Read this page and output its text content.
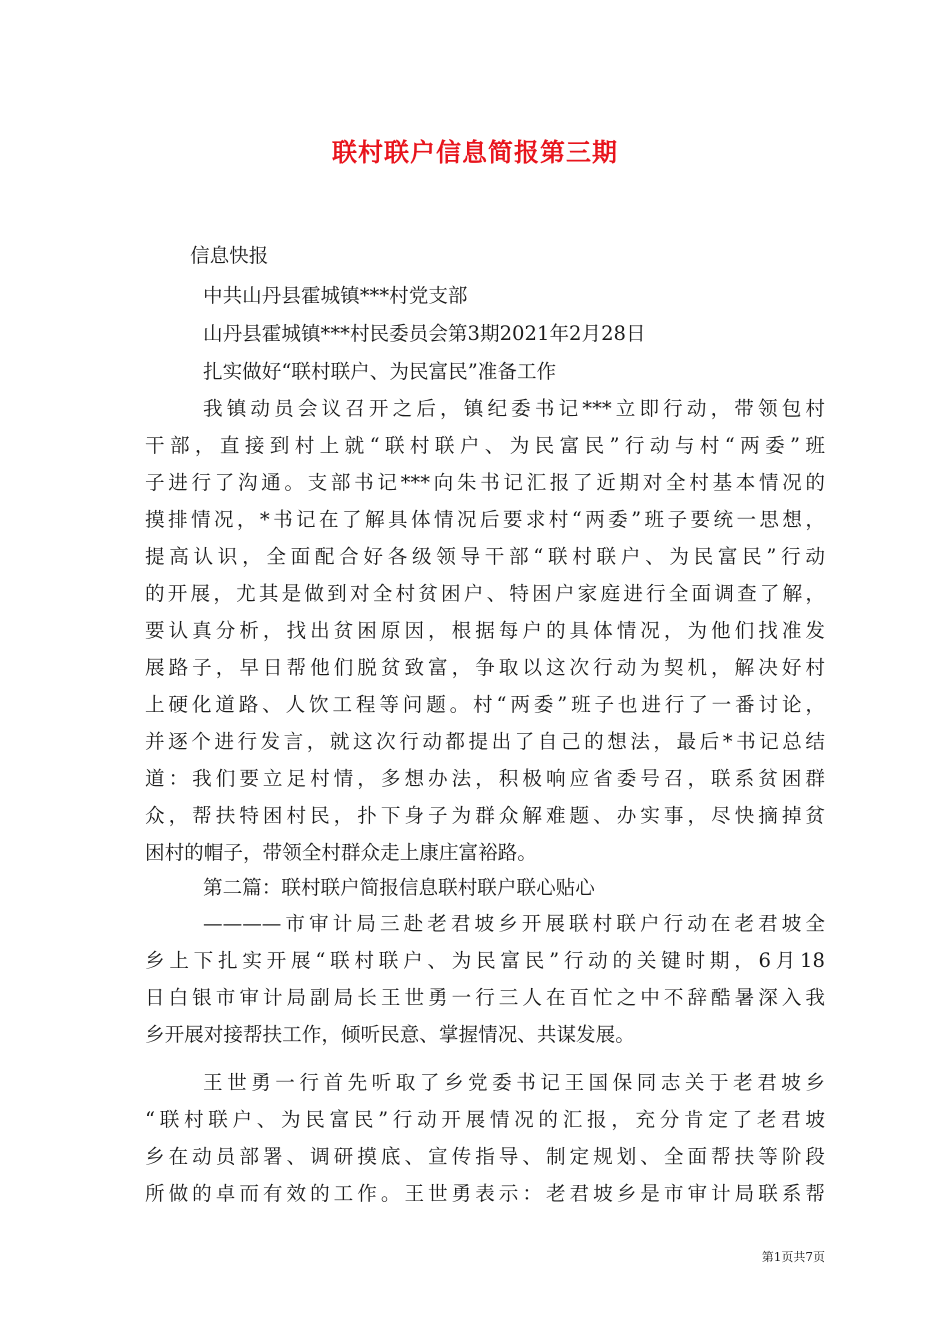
联村联户信息简报第三期
信息快报
中共山丹县霍城镇***村党支部
山丹县霍城镇***村民委员会第3期2021年2月28日
扎实做好“联村联户、为民富民”准备工作
我镇动员会议召开之后，镇纪委书记***立即行动，带领包村
干部，直接到村上就“联村联户、为民富民”行动与村“两委”班
子进行了沟通。支部书记***向朱书记汇报了近期对全村基本情况的
摸排情况，*书记在了解具体情况后要求村“两委”班子要统一思想，
提高认识，全面配合好各级领导干部“联村联户、为民富民”行动
的开展，尤其是做到对全村贫困户、特困户家庭进行全面调查了解，
要认真分析，找出贫困原因，根据每户的具体情况，为他们找准发
展路子，早日帮他们脱贫致富，争取以这次行动为契机，解决好村
上硬化道路、人饮工程等问题。村“两委”班子也进行了一番讨论，
并逐个进行发言，就这次行动都提出了自己的想法，最后*书记总结
道：我们要立足村情，多想办法，积极响应省委号召，联系贫困群
众，帮扶特困村民，扑下身子为群众解难题、办实事，尽快摘掉贫
困村的帽子，带领全村群众走上康庄富裕路。
第二篇：联村联户简报信息联村联户联心贴心
————市审计局三赴老君坡乡开展联村联户行动在老君坡全
乡上下扎实开展“联村联户、为民富民”行动的关键时期，6月18
日白银市审计局副局长王世勇一行三人在百忙之中不辞酷暑深入我
乡开展对接帮扶工作，倾听民意、掌握情况、共谋发展。
王世勇一行首先听取了乡党委书记王国保同志关于老君坡乡
“联村联户、为民富民”行动开展情况的汇报，充分肯定了老君坡
乡在动员部署、调研摸底、宣传指导、制定规划、全面帮扶等阶段
所做的卓而有效的工作。王世勇表示：老君坡乡是市审计局联系帮
第1页共7页
